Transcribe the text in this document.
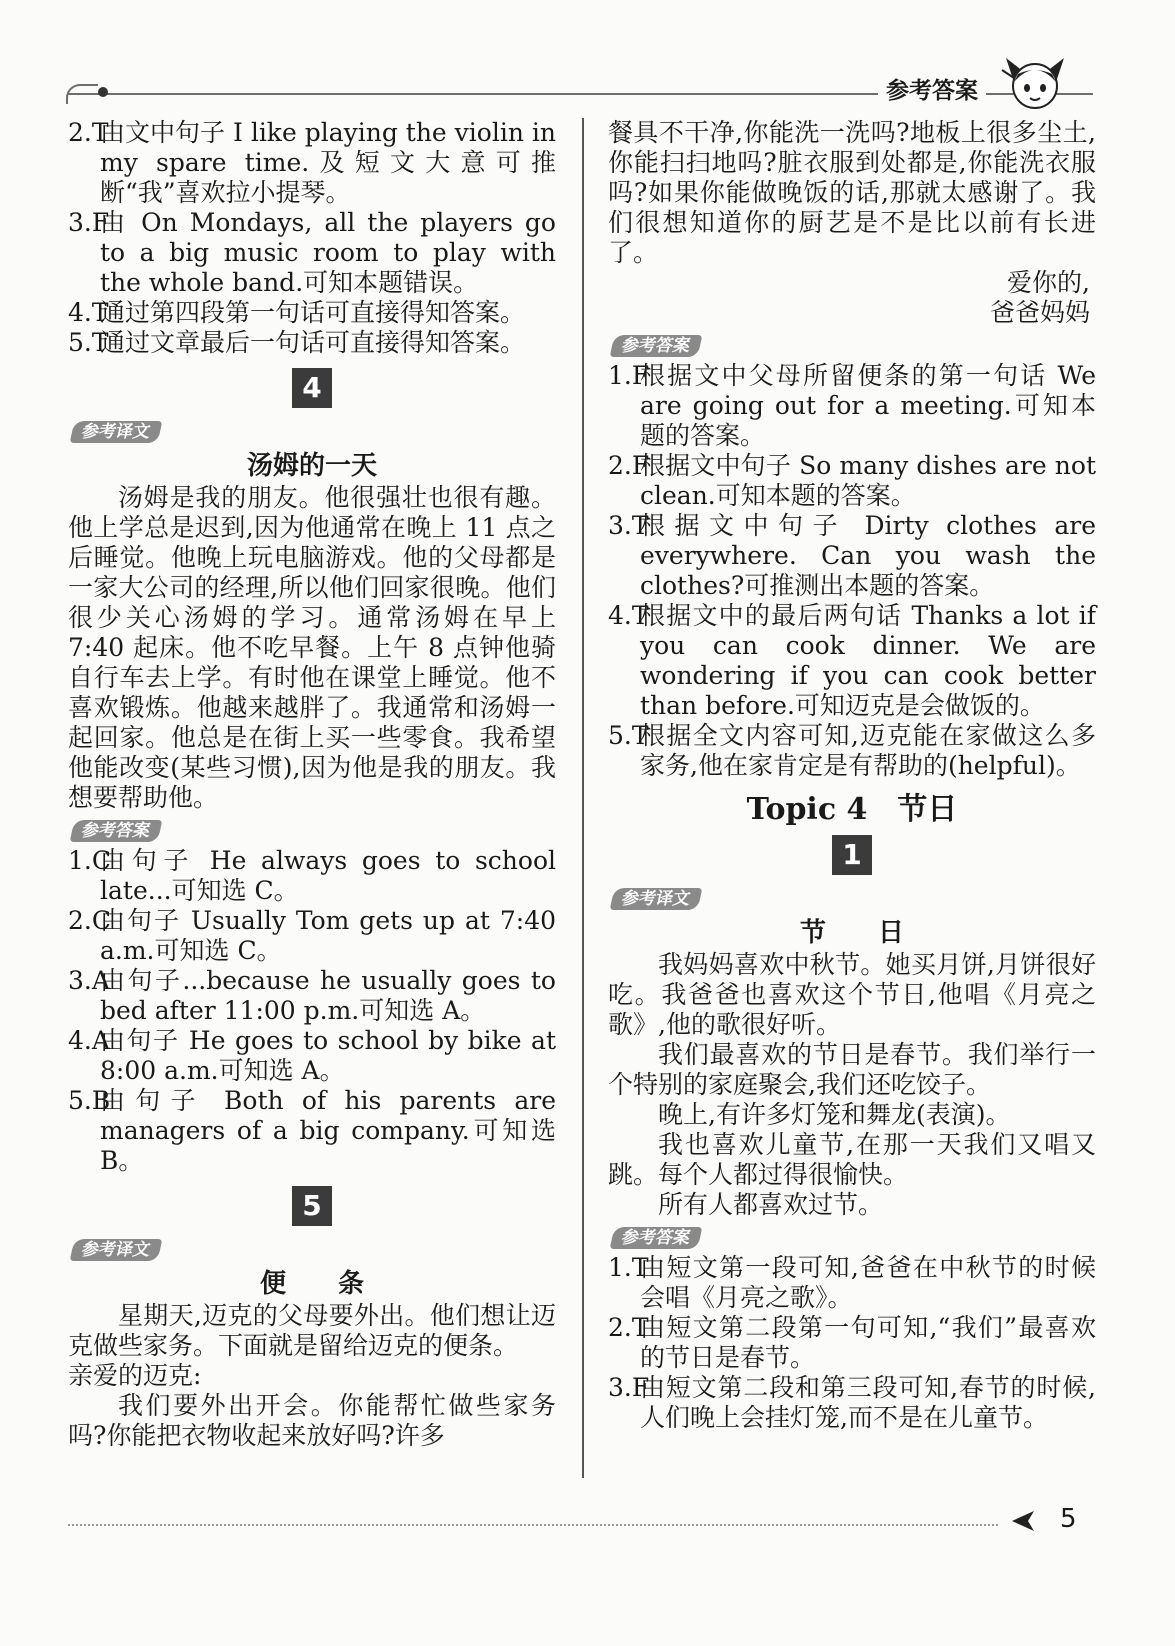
参考答案
2.T
由文中句子 I like playing the violin in my spare time.及短文大意可推断“我”喜欢拉小提琴。
3.F
由 On Mondays, all the players go to a big music room to play with the whole band.可知本题错误。
4.T
通过第四段第一句话可直接得知答案。
5.T
通过文章最后一句话可直接得知答案。
4
参考译文
汤姆的一天

汤姆是我的朋友。他很强壮也很有趣。他上学总是迟到,因为他通常在晚上 11 点之后睡觉。他晚上玩电脑游戏。他的父母都是一家大公司的经理,所以他们回家很晚。他们很少关心汤姆的学习。通常汤姆在早上 7:40 起床。他不吃早餐。上午 8 点钟他骑自行车去上学。有时他在课堂上睡觉。他不喜欢锻炼。他越来越胖了。我通常和汤姆一起回家。他总是在街上买一些零食。我希望他能改变(某些习惯),因为他是我的朋友。我想要帮助他。

参考答案
1.C
由句子 He always goes to school late...可知选 C。
2.C
由句子 Usually Tom gets up at 7:40 a.m.可知选 C。
3.A
由句子...because he usually goes to bed after 11:00 p.m.可知选 A。
4.A
由句子 He goes to school by bike at 8:00 a.m.可知选 A。
5.B
由句子 Both of his parents are managers of a big company.可知选 B。
5
参考译文
便　　条

星期天,迈克的父母要外出。他们想让迈克做些家务。下面就是留给迈克的便条。

亲爱的迈克:

我们要外出开会。你能帮忙做些家务吗?你能把衣物收起来放好吗?许多

餐具不干净,你能洗一洗吗?地板上很多尘土,你能扫扫地吗?脏衣服到处都是,你能洗衣服吗?如果你能做晚饭的话,那就太感谢了。我们很想知道你的厨艺是不是比以前有长进了。

爱你的,

爸爸妈妈

参考答案
1.F
根据文中父母所留便条的第一句话 We are going out for a meeting.可知本题的答案。
2.F
根据文中句子 So many dishes are not clean.可知本题的答案。
3.T
根据文中句子 Dirty clothes are everywhere. Can you wash the clothes?可推测出本题的答案。
4.T
根据文中的最后两句话 Thanks a lot if you can cook dinner. We are wondering if you can cook better than before.可知迈克是会做饭的。
5.T
根据全文内容可知,迈克能在家做这么多家务,他在家肯定是有帮助的(helpful)。
Topic 4　节日
1
参考译文
节　　日

我妈妈喜欢中秋节。她买月饼,月饼很好吃。我爸爸也喜欢这个节日,他唱《月亮之歌》,他的歌很好听。

我们最喜欢的节日是春节。我们举行一个特别的家庭聚会,我们还吃饺子。

晚上,有许多灯笼和舞龙(表演)。

我也喜欢儿童节,在那一天我们又唱又跳。每个人都过得很愉快。

所有人都喜欢过节。

参考答案
1.T
由短文第一段可知,爸爸在中秋节的时候会唱《月亮之歌》。
2.T
由短文第二段第一句可知,“我们”最喜欢的节日是春节。
3.F
由短文第二段和第三段可知,春节的时候,人们晚上会挂灯笼,而不是在儿童节。
5
